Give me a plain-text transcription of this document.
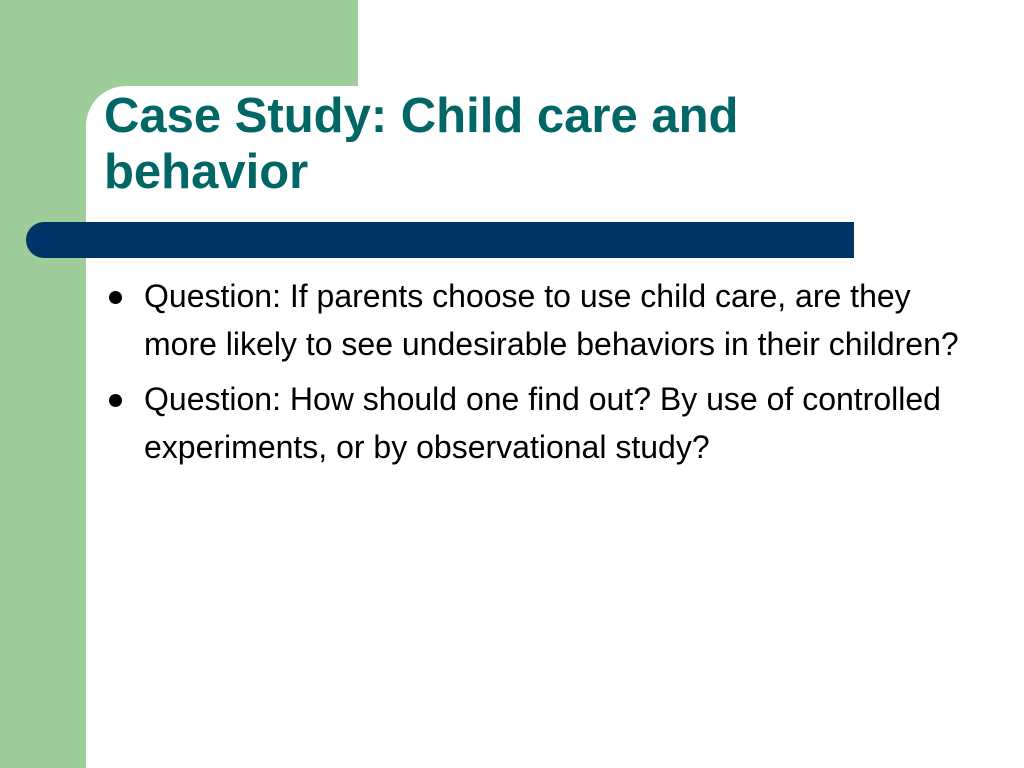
Case Study: Child care and behavior
Question: If parents choose to use child care, are they more likely to see undesirable behaviors in their children?
Question: How should one find out? By use of controlled experiments, or by observational study?
